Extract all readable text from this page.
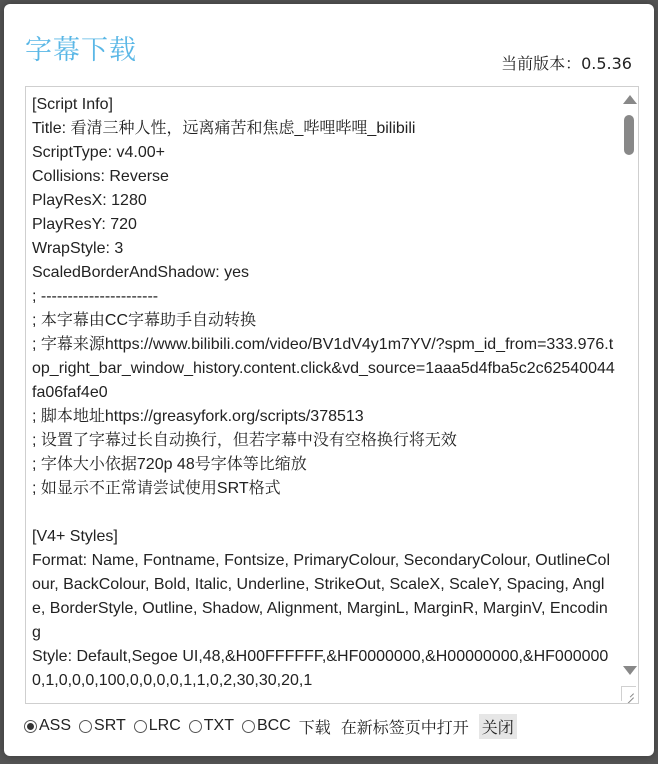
字幕下载	当前版本：0.5.36
[Script Info]
Title: 看清三种人性，远离痛苦和焦虑_哔哩哔哩_bilibili
ScriptType: v4.00+
Collisions: Reverse
PlayResX: 1280
PlayResY: 720
WrapStyle: 3
ScaledBorderAndShadow: yes
; ----------------------
; 本字幕由CC字幕助手自动转换
; 字幕来源https://www.bilibili.com/video/BV1dV4y1m7YV/?spm_id_from=333.976.top_right_bar_window_history.content.click&vd_source=1aaa5d4fba5c2c62540044fa06faf4e0
; 脚本地址https://greasyfork.org/scripts/378513
; 设置了字幕过长自动换行，但若字幕中没有空格换行将无效
; 字体大小依据720p 48号字体等比缩放
; 如显示不正常请尝试使用SRT格式

[V4+ Styles]
Format: Name, Fontname, Fontsize, PrimaryColour, SecondaryColour, OutlineColour, BackColour, Bold, Italic, Underline, StrikeOut, ScaleX, ScaleY, Spacing, Angle, BorderStyle, Outline, Shadow, Alignment, MarginL, MarginR, MarginV, Encoding
Style: Default,Segoe UI,48,&H00FFFFFF,&HF0000000,&H00000000,&HF0000000,1,0,0,0,100,0,0,0,0,1,1,0,2,30,30,20,1
ASS SRT LRC TXT BCC 下载 在新标签页中打开 关闭
